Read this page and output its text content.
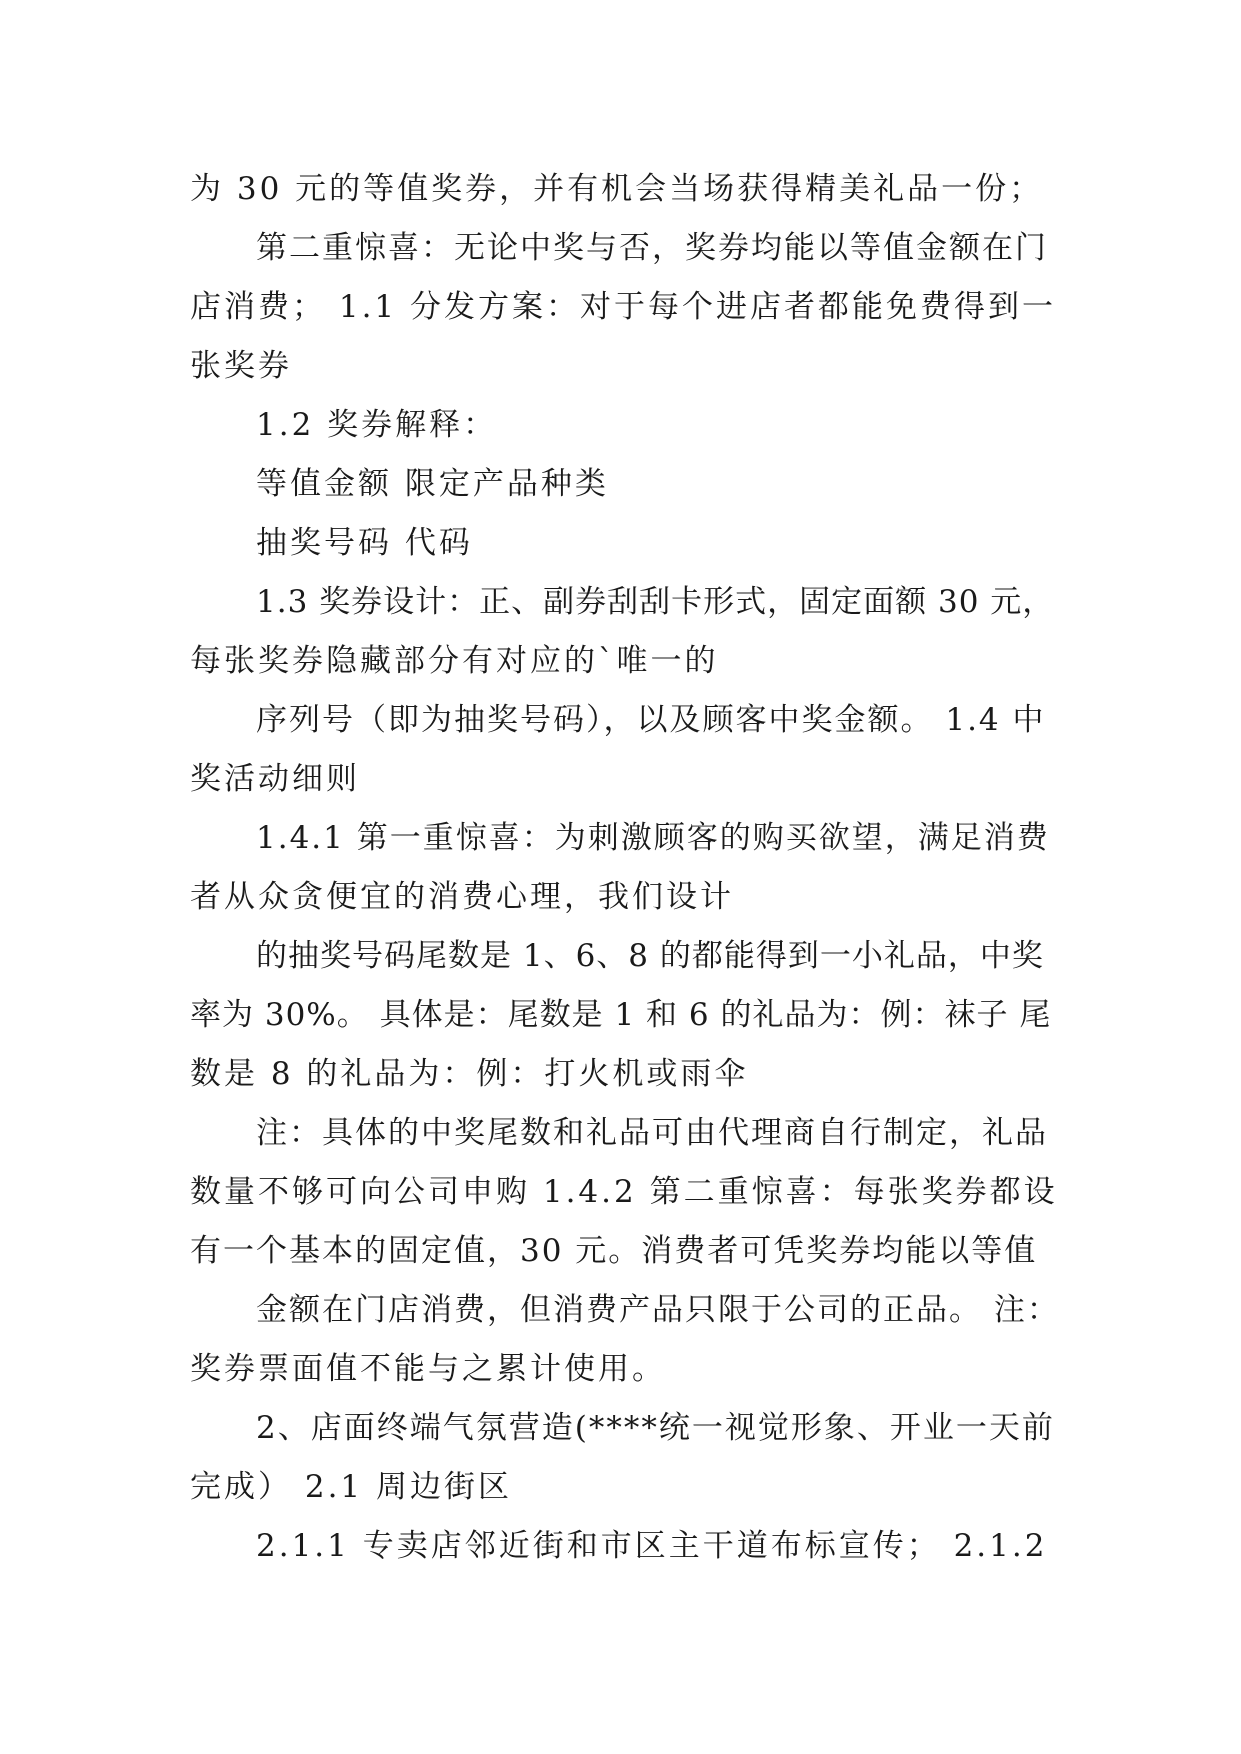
为 30 元的等值奖券，并有机会当场获得精美礼品一份；
第二重惊喜：无论中奖与否，奖券均能以等值金额在门
店消费； 1.1 分发方案：对于每个进店者都能免费得到一
张奖券
1.2 奖券解释：
等值金额 限定产品种类
抽奖号码 代码
1.3 奖券设计：正、副券刮刮卡形式，固定面额 30 元，
每张奖券隐藏部分有对应的`唯一的
序列号（即为抽奖号码），以及顾客中奖金额。 1.4 中
奖活动细则
1.4.1 第一重惊喜：为刺激顾客的购买欲望，满足消费
者从众贪便宜的消费心理，我们设计
的抽奖号码尾数是 1、6、8 的都能得到一小礼品，中奖
率为 30%。 具体是：尾数是 1 和 6 的礼品为：例：袜子 尾
数是 8 的礼品为：例：打火机或雨伞
注：具体的中奖尾数和礼品可由代理商自行制定，礼品
数量不够可向公司申购 1.4.2 第二重惊喜：每张奖券都设
有一个基本的固定值，30 元。消费者可凭奖券均能以等值
金额在门店消费，但消费产品只限于公司的正品。 注：
奖券票面值不能与之累计使用。
2、店面终端气氛营造(****统一视觉形象、开业一天前
完成） 2.1 周边街区
2.1.1 专卖店邻近街和市区主干道布标宣传； 2.1.2
